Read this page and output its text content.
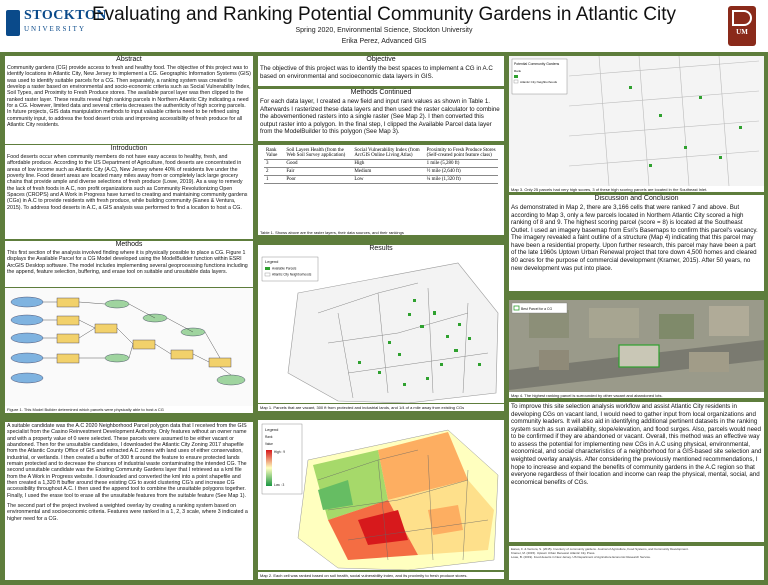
STOCKTON
UNIVERSITY
Evaluating and Ranking Potential Community Gardens in Atlantic City
Spring 2020, Environmental Science, Stockton University
Erika Perez, Advanced GIS
UM
Abstract
Community gardens (CG) provide access to fresh and healthy food. The objective of this project was to identify locations in Atlantic City, New Jersey to implement a CG. Geographic Information Systems (GIS) was used to identify suitable parcels for a CG. Then separately, a ranking system was created to develop a raster based on environmental and socio-economic criteria such as Social Vulnerability Index, Soil Types, and Proximity to Fresh Produce stores. The available parcel layer was then clipped to the ranked raster layer. These results reveal high ranking parcels in Northern Atlantic City indicating a need for a CG. However, limited data and several criteria decreases the authenticity of high scoring parcels. In future projects, GIS data manipulation methods to input valuable criteria need to be refined using community input, to address the food desert crisis and improving accessibility of fresh produce for all Atlantic City residents.
Introduction
Food deserts occur when community members do not have easy access to healthy, fresh, and affordable produce. According to the US Department of Agriculture, food deserts are concentrated in areas of low income such as Atlantic City (A.C), New Jersey where 40% of residents live under the poverty line. Food desert areas are located many miles away from or completely lack large grocery chains that provide ample and diverse selections of fresh produce (Lowe, 2019). As a way to remedy the lack of fresh foods in A.C, non profit organizations such as Community Revolutionizing Open Spaces (CROPS) and A Work in Progress have turned to creating and maintaining community gardens (CGs) in A.C to provide residents with fresh produce, while building community (Eanes & Ventura, 2015). To address food deserts in A.C, a GIS analysis was performed to find a location to host a CG.
Methods
This first section of the analysis involved finding where it is physically possible to place a CG. Figure 1 displays the Available Parcel for a CG Model developed using the ModelBuilder function within ESRI ArcGIS Desktop software. The model includes implementing several geoprocessing functions including the append, feature selection, buffering, and erase tool on suitable and unsuitable data layers.
Figure 1. This Model Builder determined which parcels were physically able to host a CG
A suitable candidate was the A.C 2020 Neighborhood Parcel polygon data that I received from the GIS specialist from the Casino Reinvestment Development Authority. Only features without an owner name and with a property value of 0 were selected. These parcels were assumed to be either vacant or abandoned. Then for the unsuitable candidates, I downloaded the Atlantic City Zoning 2017 shapefile from the Atlantic County Office of GIS and extracted A.C zones with land uses of either conservation, industrial, or wetlands. I then created a buffer of 300 ft around the feature to ensure protected lands remain protected and to decrease the chances of industrial waste contaminating the intended CG. The second unsuitable candidate was the Existing Community Gardens layer that I retrieved as a kml file from the A Work in Progress website. I downloaded and converted the kml into a point shapefile and then created a 1,320 ft buffer around these existing CG to avoid clustering CG's and increase CG accessibility throughout A.C. I then used the append tool to combine the unsuitable polygons together. Finally, I used the erase tool to erase all the unsuitable features from the suitable feature (See Map 1).
The second part of the project involved a weighted overlay by creating a ranking system based on environmental and socioeconomic criteria. Features were ranked in a 1, 2, 3 scale, where 3 indicated a higher need for a CG.
Objective
The objective of this project was to identify the best spaces to implement a CG in A.C based on environmental and socioeconomic data layers in GIS.
Methods Continued
For each data layer, I created a new field and input rank values as shown in Table 1. Afterwards I rasterized these data layers and then used the raster calculator to combine the abovementioned rasters into a single raster (See Map 2). I then converted this output raster into a polygon. In the final step, I clipped the Available Parcel data layer from the ModelBuilder to this polygon (See Map 3).
Rank Value	Soil Layers Health (from the Web Soil Survey application)	Social Vulnerability Index (from ArcGIS Online Living Atlas)	Proximity to Fresh Produce Stores (Self-created point feature class)
3	Good	High	1 mile (5,280 ft)
2	Fair	Medium	½ mile (2,640 ft)
1	Poor	Low	¼ mile (1,320 ft)
Table 1. Shows above are the raster layers, their data sources, and their rankings
Results
Legend
Available Parcels
Atlantic City Neighborhoods
Map 1. Parcels that are vacant, 300 ft from protected and industrial lands, and 1/4 of a mile away from existing CGs
Legend
Rank
Value
High : 9
Low : 3
Map 2. Each cell was ranked based on soil health, social vulnerability index, and its proximity to fresh produce stores.
Potential Community Gardens
Rank
Atlantic City Neighborhoods
Map 3. Only 25 parcels had very high scores, 3 of these high scoring parcels are located in the Southeast Inlet.
Discussion and Conclusion
As demonstrated in Map 2, there are 3,166 cells that were ranked 7 and above. But according to Map 3, only a few parcels located in Northern Atlantic City scored a high ranking of 8 and 9. The highest scoring parcel (score = 8) is located at the Southeast Outlet. I used an imagery basemap from Esri's Basemaps to confirm this parcel's vacancy. The imagery revealed a faint outline of a structure (Map 4) indicating that this parcel may have been a residential property. Upon further research, this parcel may have been a part of the late 1960s Uptown Urban Renewal project that tore down 4,500 homes and cleared 80 acres for the purpose of commercial development (Kramer, 2015). After 50 years, no new development was put into place.
Best Parcel for a CG
Map 4. The highest ranking parcel is surrounded by other vacant and abandoned lots.
To improve this site selection analysis workflow and assist Atlantic City residents in developing CGs on vacant land, I would need to gather input from local organizations and community leaders. It will also aid in identifying additional pertinent datasets in the ranking system such as sun availability, slope/elevation, and flood surges. Also, parcels would need to be confirmed if they are abandoned or vacant. Overall, this method was an effective way to assess the potential for implementing new CGs in A.C using physical, environmental, economical, and social characteristics of a neighborhood for a GIS-based site selection and weighted overlay analysis. After considering the previously mentioned recommendations, I hope to increase and expand the benefits of community gardens in the A.C region so that everyone regardless of their location and income can reap the physical, mental, social, and economical benefits of CGs.
Eanes, F. & Ventura, S. (2015). Inventory of community gardens. Journal of Agriculture, Food Systems, and Community Development.
Kramer, M. (2015). Uptown Urban Renewal. Atlantic City Press.
Lowe, B. (2019). Food deserts in New Jersey. US Department of Agriculture Economic Research Service.
